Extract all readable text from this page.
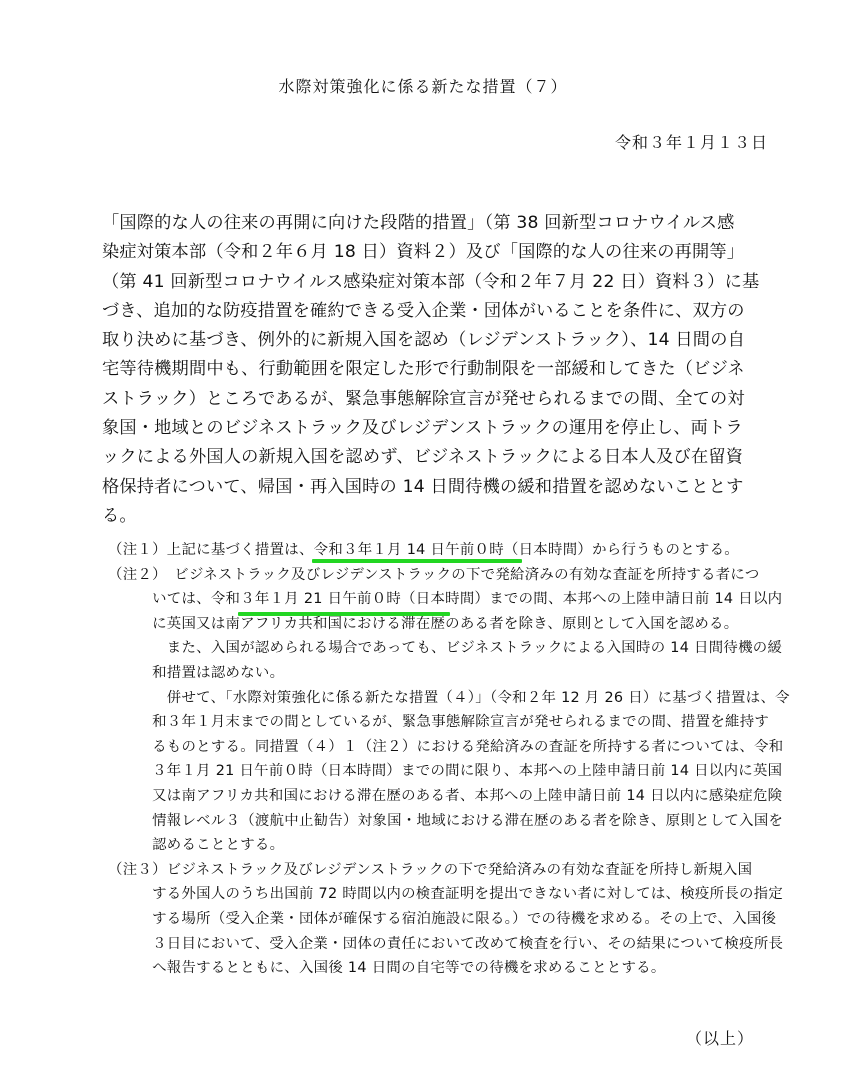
水際対策強化に係る新たな措置（７）
令和３年１月１３日
「国際的な人の往来の再開に向けた段階的措置」（第 38 回新型コロナウイルス感
染症対策本部（令和２年６月 18 日）資料２）及び「国際的な人の往来の再開等」
（第 41 回新型コロナウイルス感染症対策本部（令和２年７月 22 日）資料３）に基
づき、追加的な防疫措置を確約できる受入企業・団体がいることを条件に、双方の
取り決めに基づき、例外的に新規入国を認め（レジデンストラック）、14 日間の自
宅等待機期間中も、行動範囲を限定した形で行動制限を一部緩和してきた（ビジネ
ストラック）ところであるが、緊急事態解除宣言が発せられるまでの間、全ての対
象国・地域とのビジネストラック及びレジデンストラックの運用を停止し、両トラ
ックによる外国人の新規入国を認めず、ビジネストラックによる日本人及び在留資
格保持者について、帰国・再入国時の 14 日間待機の緩和措置を認めないこととす
る。
（注１）上記に基づく措置は、令和３年１月 14 日午前０時（日本時間）から行うものとする。
（注２）　ビジネストラック及びレジデンストラックの下で発給済みの有効な査証を所持する者につ
　　　いては、令和３年１月 21 日午前０時（日本時間）までの間、本邦への上陸申請日前 14 日以内
　　　に英国又は南アフリカ共和国における滞在歴のある者を除き、原則として入国を認める。
　　　　また、入国が認められる場合であっても、ビジネストラックによる入国時の 14 日間待機の緩
　　　和措置は認めない。
　　　　併せて、「水際対策強化に係る新たな措置（４）」（令和２年 12 月 26 日）に基づく措置は、令
　　　和３年１月末までの間としているが、緊急事態解除宣言が発せられるまでの間、措置を維持す
　　　るものとする。同措置（４）１（注２）における発給済みの査証を所持する者については、令和
　　　３年１月 21 日午前０時（日本時間）までの間に限り、本邦への上陸申請日前 14 日以内に英国
　　　又は南アフリカ共和国における滞在歴のある者、本邦への上陸申請日前 14 日以内に感染症危険
　　　情報レベル３（渡航中止勧告）対象国・地域における滞在歴のある者を除き、原則として入国を
　　　認めることとする。
（注３）ビジネストラック及びレジデンストラックの下で発給済みの有効な査証を所持し新規入国
　　　する外国人のうち出国前 72 時間以内の検査証明を提出できない者に対しては、検疫所長の指定
　　　する場所（受入企業・団体が確保する宿泊施設に限る。）での待機を求める。その上で、入国後
　　　３日目において、受入企業・団体の責任において改めて検査を行い、その結果について検疫所長
　　　へ報告するとともに、入国後 14 日間の自宅等での待機を求めることとする。
（以上）
